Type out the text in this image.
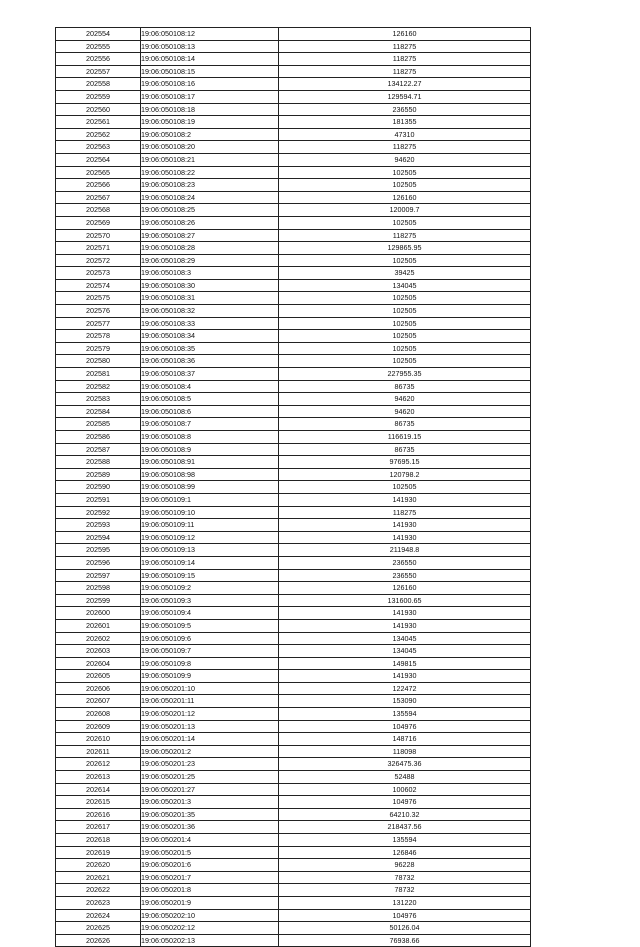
202554	19:06:050108:12	126160
202555	19:06:050108:13	118275
202556	19:06:050108:14	118275
202557	19:06:050108:15	118275
202558	19:06:050108:16	134122.27
202559	19:06:050108:17	129594.71
202560	19:06:050108:18	236550
202561	19:06:050108:19	181355
202562	19:06:050108:2	47310
202563	19:06:050108:20	118275
202564	19:06:050108:21	94620
202565	19:06:050108:22	102505
202566	19:06:050108:23	102505
202567	19:06:050108:24	126160
202568	19:06:050108:25	120009.7
202569	19:06:050108:26	102505
202570	19:06:050108:27	118275
202571	19:06:050108:28	129865.95
202572	19:06:050108:29	102505
202573	19:06:050108:3	39425
202574	19:06:050108:30	134045
202575	19:06:050108:31	102505
202576	19:06:050108:32	102505
202577	19:06:050108:33	102505
202578	19:06:050108:34	102505
202579	19:06:050108:35	102505
202580	19:06:050108:36	102505
202581	19:06:050108:37	227955.35
202582	19:06:050108:4	86735
202583	19:06:050108:5	94620
202584	19:06:050108:6	94620
202585	19:06:050108:7	86735
202586	19:06:050108:8	116619.15
202587	19:06:050108:9	86735
202588	19:06:050108:91	97695.15
202589	19:06:050108:98	120798.2
202590	19:06:050108:99	102505
202591	19:06:050109:1	141930
202592	19:06:050109:10	118275
202593	19:06:050109:11	141930
202594	19:06:050109:12	141930
202595	19:06:050109:13	211948.8
202596	19:06:050109:14	236550
202597	19:06:050109:15	236550
202598	19:06:050109:2	126160
202599	19:06:050109:3	131600.65
202600	19:06:050109:4	141930
202601	19:06:050109:5	141930
202602	19:06:050109:6	134045
202603	19:06:050109:7	134045
202604	19:06:050109:8	149815
202605	19:06:050109:9	141930
202606	19:06:050201:10	122472
202607	19:06:050201:11	153090
202608	19:06:050201:12	135594
202609	19:06:050201:13	104976
202610	19:06:050201:14	148716
202611	19:06:050201:2	118098
202612	19:06:050201:23	326475.36
202613	19:06:050201:25	52488
202614	19:06:050201:27	100602
202615	19:06:050201:3	104976
202616	19:06:050201:35	64210.32
202617	19:06:050201:36	218437.56
202618	19:06:050201:4	135594
202619	19:06:050201:5	126846
202620	19:06:050201:6	96228
202621	19:06:050201:7	78732
202622	19:06:050201:8	78732
202623	19:06:050201:9	131220
202624	19:06:050202:10	104976
202625	19:06:050202:12	50126.04
202626	19:06:050202:13	76938.66
